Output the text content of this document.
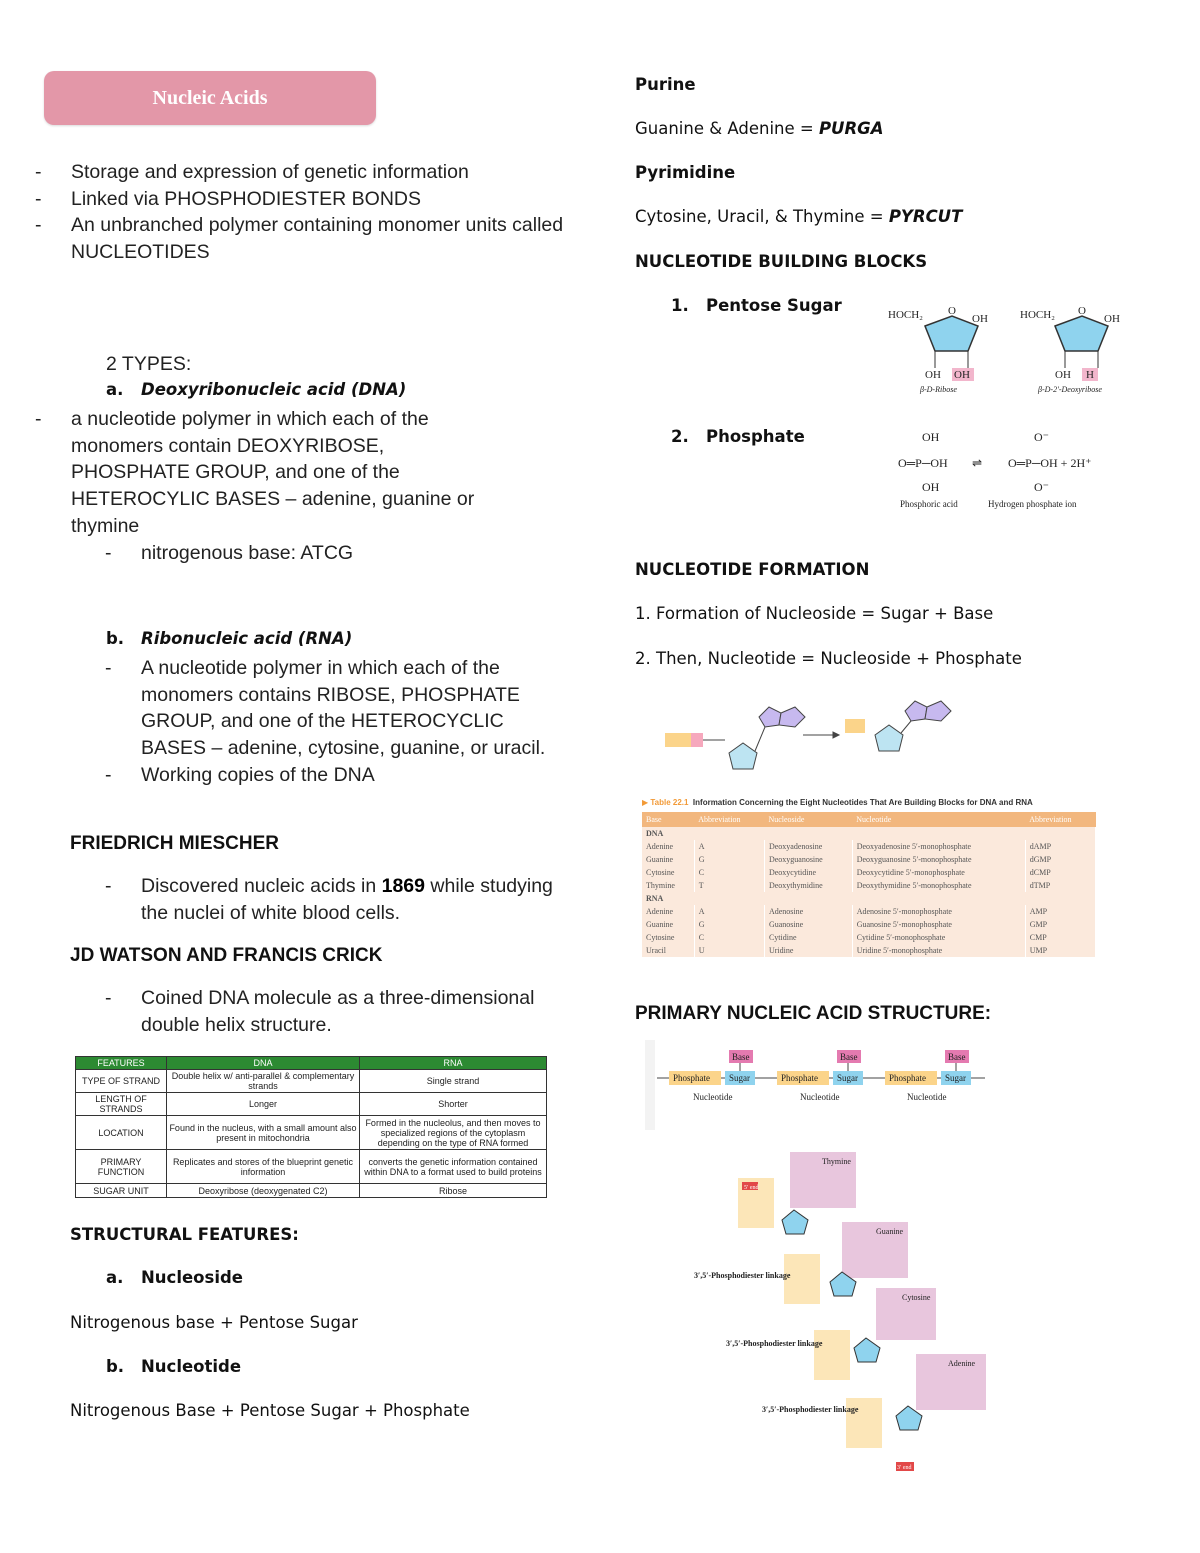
Nucleic Acids
- Storage and expression of genetic information
- Linked via PHOSPHODIESTER BONDS
- An unbranched polymer containing monomer units called NUCLEOTIDES
2 TYPES:

a. Deoxyribonucleic acid (DNA)
- a nucleotide polymer in which each of the monomers contain DEOXYRIBOSE, PHOSPHATE GROUP, and one of the HETEROCYLIC BASES – adenine, guanine or thymine
- nitrogenous base: ATCG
b. Ribonucleic acid (RNA)
- A nucleotide polymer in which each of the monomers contains RIBOSE, PHOSPHATE GROUP, and one of the HETEROCYCLIC BASES – adenine, cytosine, guanine, or uracil.
- Working copies of the DNA
FRIEDRICH MIESCHER
- Discovered nucleic acids in 1869 while studying the nuclei of white blood cells.
JD WATSON AND FRANCIS CRICK
- Coined DNA molecule as a three-dimensional double helix structure.
FEATURES	DNA	RNA
TYPE OF STRAND	Double helix w/ anti-parallel & complementary strands	Single strand
LENGTH OF STRANDS	Longer	Shorter
LOCATION	Found in the nucleus, with a small amount also present in mitochondria	Formed in the nucleolus, and then moves to specialized regions of the cytoplasm depending on the type of RNA formed
PRIMARY FUNCTION	Replicates and stores of the blueprint genetic information	converts the genetic information contained within DNA to a format used to build proteins
SUGAR UNIT	Deoxyribose (deoxygenated C2)	Ribose
STRUCTURAL FEATURES:
a. Nucleoside
Nitrogenous base + Pentose Sugar
b. Nucleotide
Nitrogenous Base + Pentose Sugar + Phosphate
Purine
Guanine & Adenine = PURGA
Pyrimidine
Cytosine, Uracil, & Thymine = PYRCUT
NUCLEOTIDE BUILDING BLOCKS
1. Pentose Sugar
2. Phosphate
HOCH₂ O
OH
OH OH
β-D-Ribose
HOCH₂ O
OH
OH H
β-D-2′-Deoxyribose
OH
O═P─OH
OH
⇌
O⁻
O═P─OH + 2H⁺
O⁻
Phosphoric acid	Hydrogen phosphate ion
NUCLEOTIDE FORMATION
1. Formation of Nucleoside = Sugar + Base
2. Then, Nucleotide = Nucleoside + Phosphate
▶ Table 22.1 Information Concerning the Eight Nucleotides That Are Building Blocks for DNA and RNA
Base	Abbreviation	Nucleoside	Nucleotide	Abbreviation
DNA				
Adenine	A	Deoxyadenosine	Deoxyadenosine 5′-monophosphate	dAMP
Guanine	G	Deoxyguanosine	Deoxyguanosine 5′-monophosphate	dGMP
Cytosine	C	Deoxycytidine	Deoxycytidine 5′-monophosphate	dCMP
Thymine	T	Deoxythymidine	Deoxythymidine 5′-monophosphate	dTMP
RNA				
Adenine	A	Adenosine	Adenosine 5′-monophosphate	AMP
Guanine	G	Guanosine	Guanosine 5′-monophosphate	GMP
Cytosine	C	Cytidine	Cytidine 5′-monophosphate	CMP
Uracil	U	Uridine	Uridine 5′-monophosphate	UMP
PRIMARY NUCLEIC ACID STRUCTURE:
Phosphate Sugar
Base
Nucleotide
Phosphate Sugar
Base
Nucleotide
Phosphate Sugar
Base
Nucleotide
Thymine
Guanine
Cytosine
Adenine
5′ end
3′,5′-Phosphodiester linkage
3′,5′-Phosphodiester linkage
3′,5′-Phosphodiester linkage
3′ end
